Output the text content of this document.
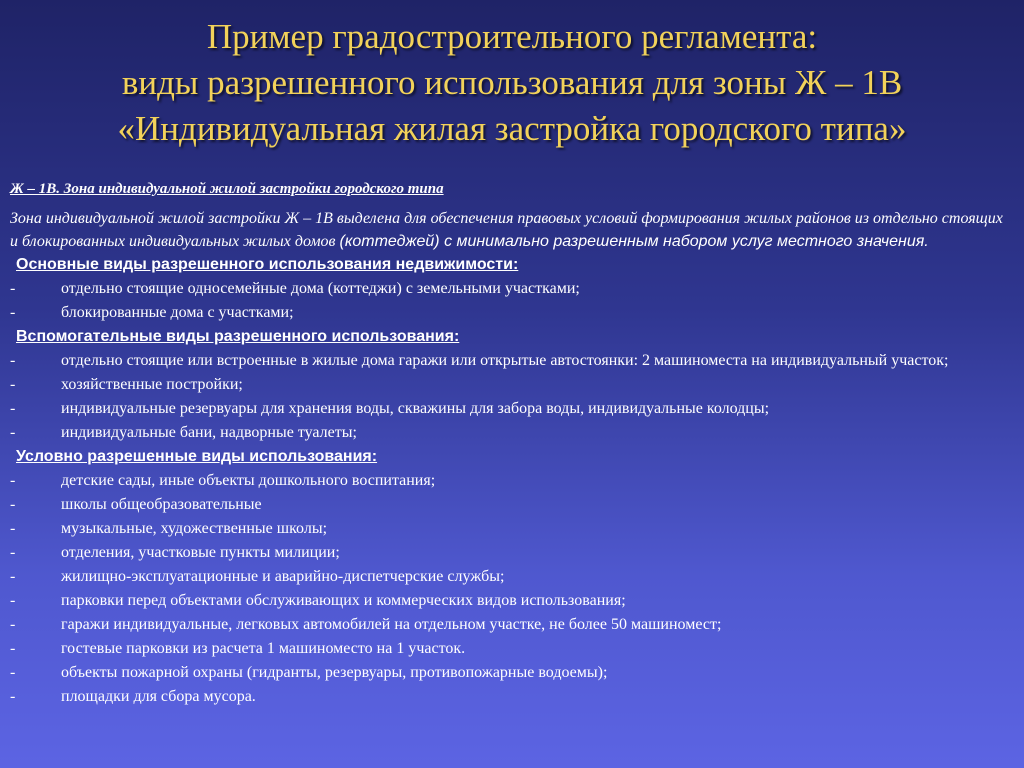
Пример градостроительного регламента:
виды разрешенного использования для зоны Ж – 1В
«Индивидуальная жилая застройка городского типа»
Ж – 1В. Зона индивидуальной жилой застройки городского типа
Зона индивидуальной жилой застройки Ж – 1В выделена для обеспечения правовых условий формирования жилых районов из отдельно стоящих и блокированных индивидуальных жилых домов (коттеджей) с минимально разрешенным набором услуг местного значения.
Основные виды разрешенного использования недвижимости:
-	отдельно стоящие односемейные дома (коттеджи) с земельными участками;
-	блокированные дома с участками;
Вспомогательные виды разрешенного использования:
-	отдельно стоящие или встроенные в жилые дома гаражи или открытые автостоянки: 2 машиноместа на индивидуальный участок;
-	хозяйственные постройки;
-	индивидуальные резервуары для хранения воды, скважины для забора воды, индивидуальные колодцы;
-	индивидуальные бани, надворные туалеты;
Условно разрешенные виды использования:
-	детские сады, иные объекты дошкольного воспитания;
-	школы общеобразовательные
-	музыкальные, художественные школы;
-	отделения, участковые пункты милиции;
-	жилищно-эксплуатационные и аварийно-диспетчерские службы;
-	парковки перед объектами обслуживающих и коммерческих видов использования;
-	гаражи индивидуальные, легковых автомобилей на отдельном участке, не более 50 машиномест;
-	гостевые парковки из расчета 1 машиноместо на 1 участок.
-	объекты пожарной охраны (гидранты, резервуары, противопожарные водоемы);
-	площадки для сбора мусора.
